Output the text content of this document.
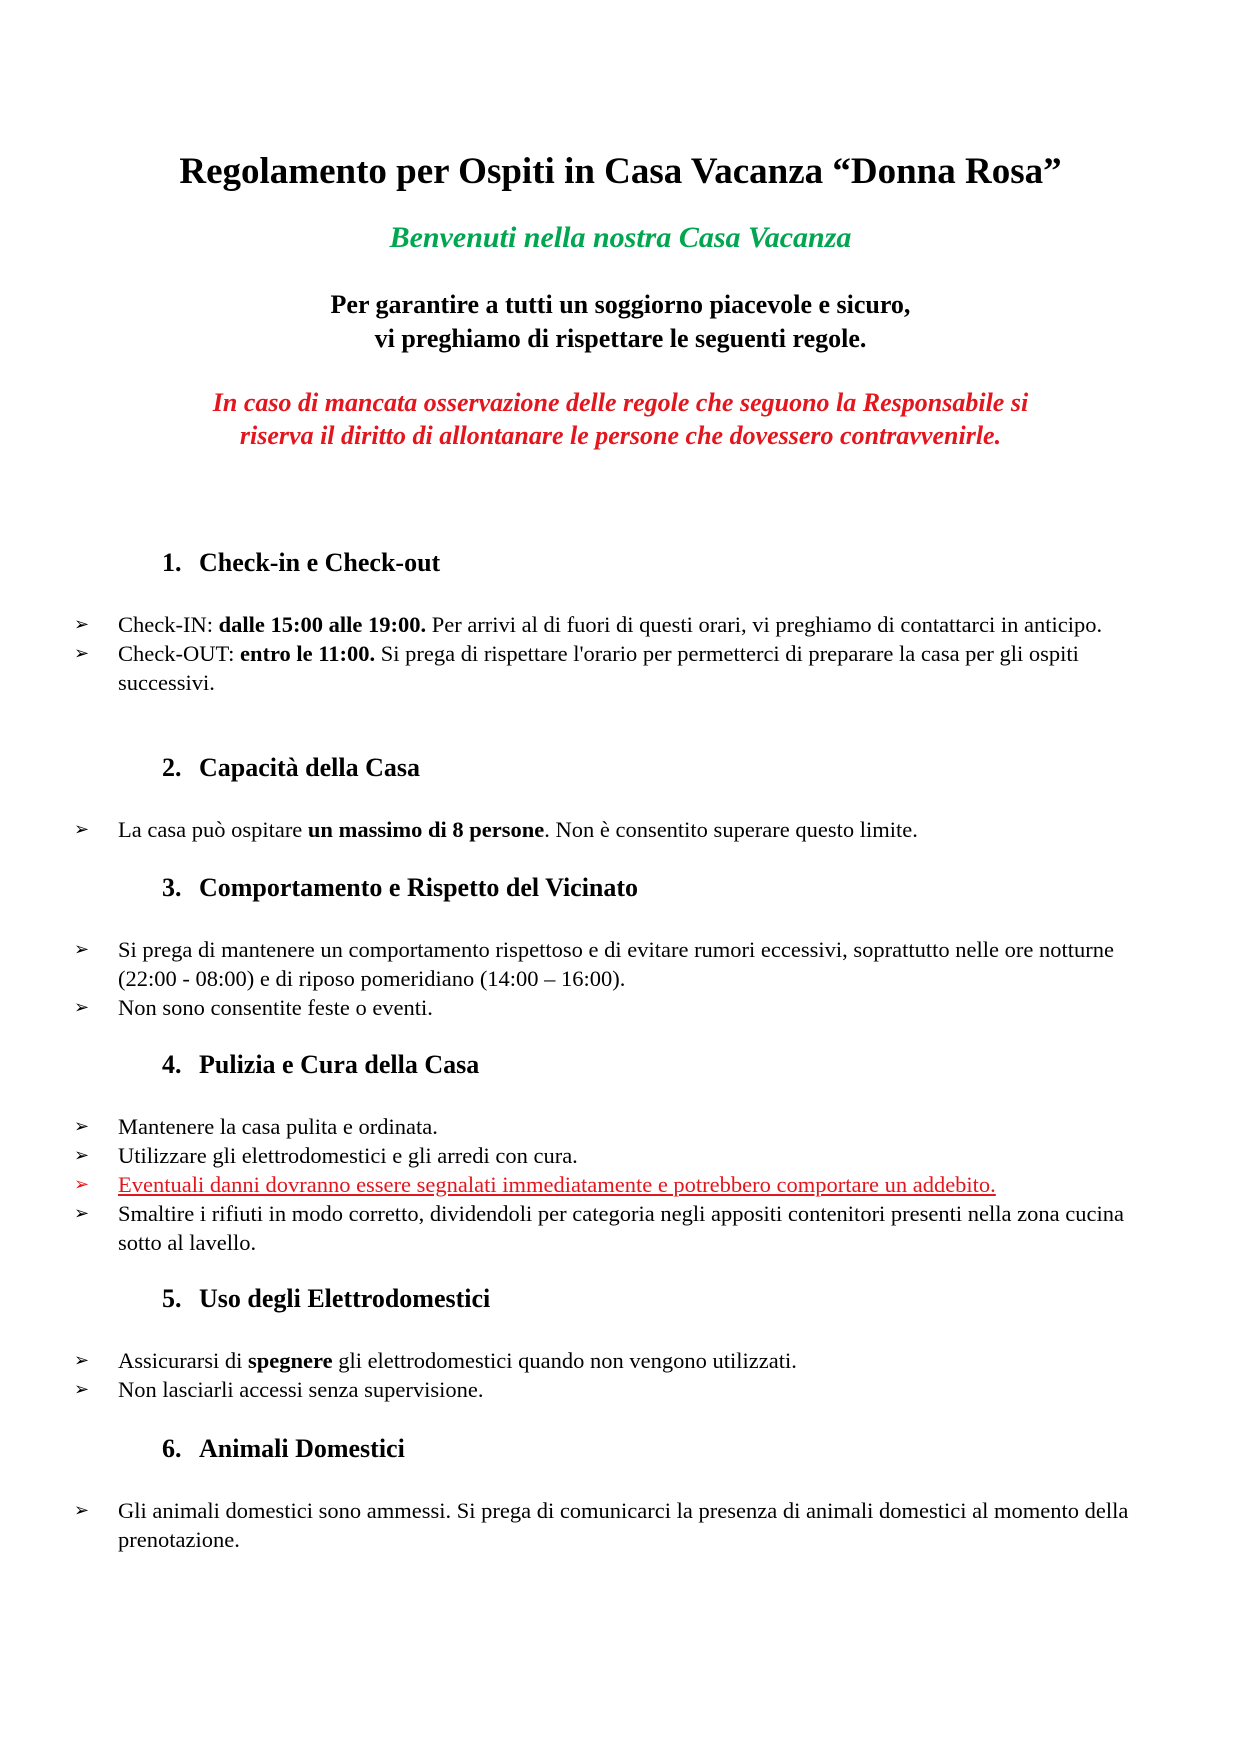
Regolamento per Ospiti in Casa Vacanza “Donna Rosa”
Benvenuti nella nostra Casa Vacanza
Per garantire a tutti un soggiorno piacevole e sicuro,
vi preghiamo di rispettare le seguenti regole.
In caso di mancata osservazione delle regole che seguono la Responsabile si
riserva il diritto di allontanare le persone che dovessero contravvenirle.
1. Check-in e Check-out
➢ Check-IN: dalle 15:00 alle 19:00. Per arrivi al di fuori di questi orari, vi preghiamo di contattarci in anticipo.
➢ Check-OUT: entro le 11:00. Si prega di rispettare l'orario per permetterci di preparare la casa per gli ospiti successivi.
2. Capacità della Casa
➢ La casa può ospitare un massimo di 8 persone. Non è consentito superare questo limite.
3. Comportamento e Rispetto del Vicinato
➢ Si prega di mantenere un comportamento rispettoso e di evitare rumori eccessivi, soprattutto nelle ore notturne (22:00 - 08:00) e di riposo pomeridiano (14:00 – 16:00).
➢ Non sono consentite feste o eventi.
4. Pulizia e Cura della Casa
➢ Mantenere la casa pulita e ordinata.
➢ Utilizzare gli elettrodomestici e gli arredi con cura.
➢ Eventuali danni dovranno essere segnalati immediatamente e potrebbero comportare un addebito.
➢ Smaltire i rifiuti in modo corretto, dividendoli per categoria negli appositi contenitori presenti nella zona cucina sotto al lavello.
5. Uso degli Elettrodomestici
➢ Assicurarsi di spegnere gli elettrodomestici quando non vengono utilizzati.
➢ Non lasciarli accessi senza supervisione.
6. Animali Domestici
➢ Gli animali domestici sono ammessi. Si prega di comunicarci la presenza di animali domestici al momento della prenotazione.
